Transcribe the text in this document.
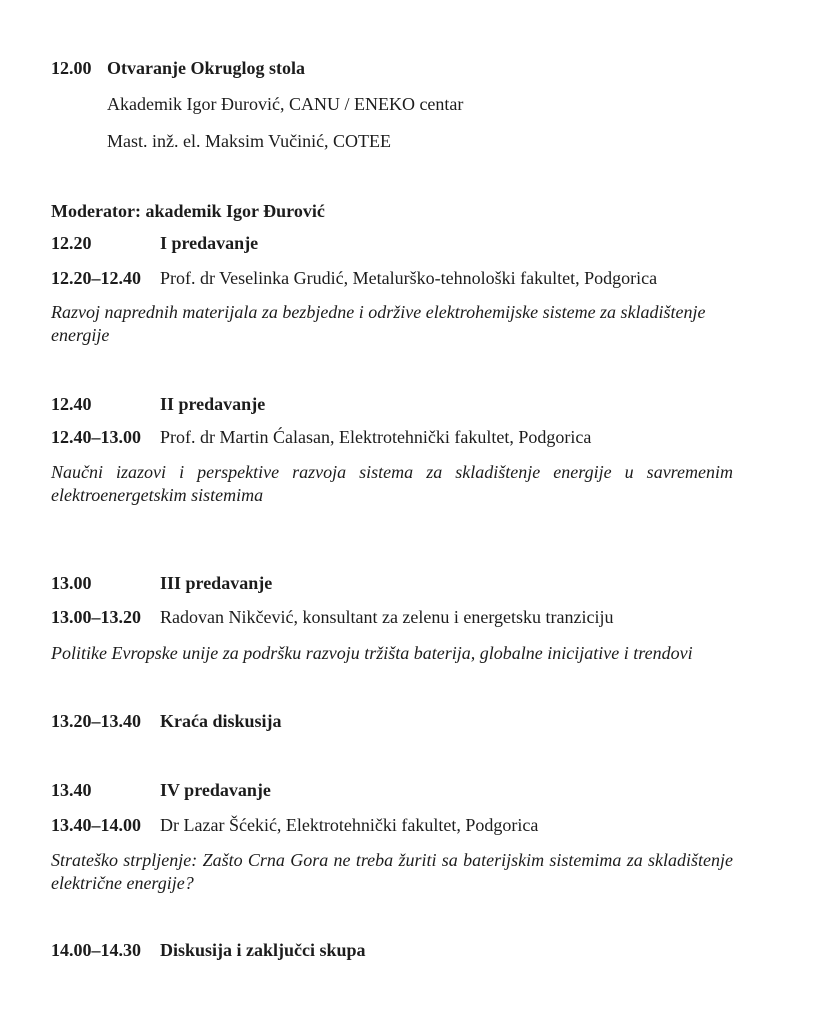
12.00 Otvaranje Okruglog stola
Akademik Igor Đurović, CANU / ENEKO centar
Mast. inž. el. Maksim Vučinić, COTEE
Moderator: akademik Igor Đurović
12.20	I predavanje
12.20–12.40	Prof. dr Veselinka Grudić, Metalurško-tehnološki fakultet, Podgorica
Razvoj naprednih materijala za bezbjedne i održive elektrohemijske sisteme za skladištenje
energije
12.40	II predavanje
12.40–13.00	Prof. dr Martin Ćalasan, Elektrotehnički fakultet, Podgorica
Naučni izazovi i perspektive razvoja sistema za skladištenje energije u savremenim
elektroenergetskim sistemima
13.00	III predavanje
13.00–13.20	Radovan Nikčević, konsultant za zelenu i energetsku tranziciju
Politike Evropske unije za podršku razvoju tržišta baterija, globalne inicijative i trendovi
13.20–13.40	Kraća diskusija
13.40	IV predavanje
13.40–14.00	Dr Lazar Šćekić, Elektrotehnički fakultet, Podgorica
Strateško strpljenje: Zašto Crna Gora ne treba žuriti sa baterijskim sistemima za skladištenje
električne energije?
14.00–14.30	Diskusija i zaključci skupa
